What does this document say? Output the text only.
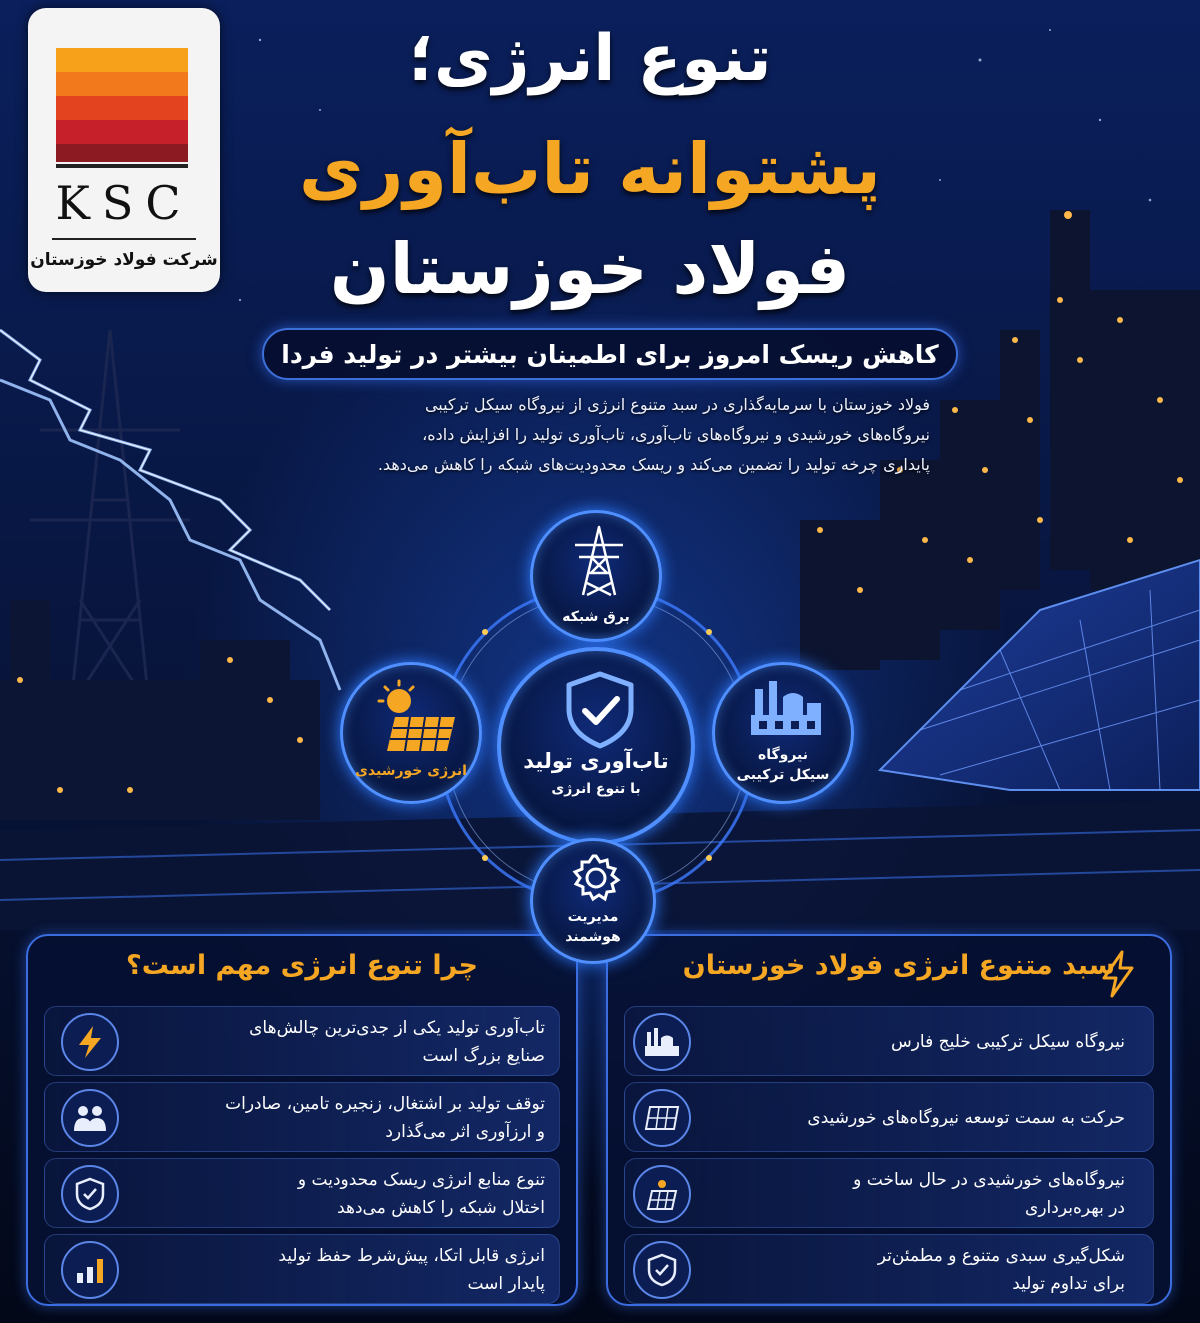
KSC
شرکت فولاد خوزستان
تنوع انرژی؛
پشتوانه تاب‌آوری
فولاد خوزستان
کاهش ریسک امروز برای اطمینان بیشتر در تولید فردا
فولاد خوزستان با سرمایه‌گذاری در سبد متنوع انرژی از نیروگاه سیکل ترکیبی
نیروگاه‌های خورشیدی و نیروگاه‌های تاب‌آوری، تاب‌آوری تولید را افزایش داده،
پایداری چرخه تولید را تضمین می‌کند و ریسک محدودیت‌های شبکه را کاهش می‌دهد.
برق شبکه
انرژی خورشیدی
نیروگاه
سیکل ترکیبی
تاب‌آوری تولید
با تنوع انرژی
مدیریت
هوشمند
چرا تنوع انرژی مهم است؟
تاب‌آوری تولید یکی از جدی‌ترین چالش‌های
صنایع بزرگ است
توقف تولید بر اشتغال، زنجیره تامین، صادرات
و ارزآوری اثر می‌گذارد
تنوع منابع انرژی ریسک محدودیت و
اختلال شبکه را کاهش می‌دهد
انرژی قابل اتکا، پیش‌شرط حفظ تولید
پایدار است
سبد متنوع انرژی فولاد خوزستان
نیروگاه سیکل ترکیبی خلیج فارس
حرکت به سمت توسعه نیروگاه‌های خورشیدی
نیروگاه‌های خورشیدی در حال ساخت و
در بهره‌برداری
شکل‌گیری سبدی متنوع و مطمئن‌تر
برای تداوم تولید
